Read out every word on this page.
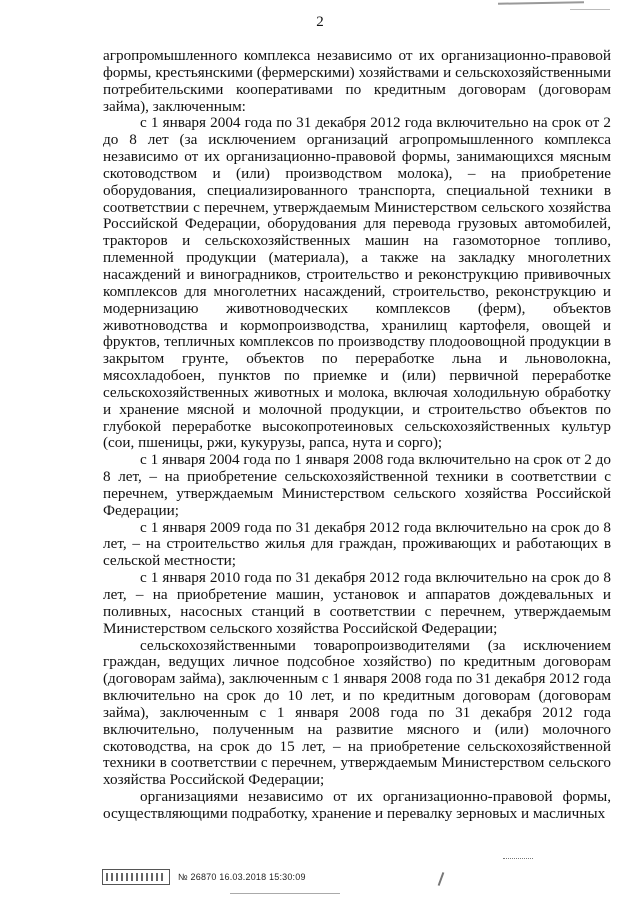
2

агропромышленного комплекса независимо от их организационно-правовой формы, крестьянскими (фермерскими) хозяйствами и сельскохозяйственными потребительскими кооперативами по кредитным договорам (договорам займа), заключенным:

с 1 января 2004 года по 31 декабря 2012 года включительно на срок от 2 до 8 лет (за исключением организаций агропромышленного комплекса независимо от их организационно-правовой формы, занимающихся мясным скотоводством и (или) производством молока), – на приобретение оборудования, специализированного транспорта, специальной техники в соответствии с перечнем, утверждаемым Министерством сельского хозяйства Российской Федерации, оборудования для перевода грузовых автомобилей, тракторов и сельскохозяйственных машин на газомоторное топливо, племенной продукции (материала), а также на закладку многолетних насаждений и виноградников, строительство и реконструкцию прививочных комплексов для многолетних насаждений, строительство, реконструкцию и модернизацию животноводческих комплексов (ферм), объектов животноводства и кормопроизводства, хранилищ картофеля, овощей и фруктов, тепличных комплексов по производству плодоовощной продукции в закрытом грунте, объектов по переработке льна и льноволокна, мясохладобоен, пунктов по приемке и (или) первичной переработке сельскохозяйственных животных и молока, включая холодильную обработку и хранение мясной и молочной продукции, и строительство объектов по глубокой переработке высокопротеиновых сельскохозяйственных культур (сои, пшеницы, ржи, кукурузы, рапса, нута и сорго);

с 1 января 2004 года по 1 января 2008 года включительно на срок от 2 до 8 лет, – на приобретение сельскохозяйственной техники в соответствии с перечнем, утверждаемым Министерством сельского хозяйства Российской Федерации;

с 1 января 2009 года по 31 декабря 2012 года включительно на срок до 8 лет, – на строительство жилья для граждан, проживающих и работающих в сельской местности;

с 1 января 2010 года по 31 декабря 2012 года включительно на срок до 8 лет, – на приобретение машин, установок и аппаратов дождевальных и поливных, насосных станций в соответствии с перечнем, утверждаемым Министерством сельского хозяйства Российской Федерации;

сельскохозяйственными товаропроизводителями (за исключением граждан, ведущих личное подсобное хозяйство) по кредитным договорам (договорам займа), заключенным с 1 января 2008 года по 31 декабря 2012 года включительно на срок до 10 лет, и по кредитным договорам (договорам займа), заключенным с 1 января 2008 года по 31 декабря 2012 года включительно, полученным на развитие мясного и (или) молочного скотоводства, на срок до 15 лет, – на приобретение сельскохозяйственной техники в соответствии с перечнем, утверждаемым Министерством сельского хозяйства Российской Федерации;

организациями независимо от их организационно-правовой формы, осуществляющими подработку, хранение и перевалку зерновых и масличных

№ 26870 16.03.2018 15:30:09
